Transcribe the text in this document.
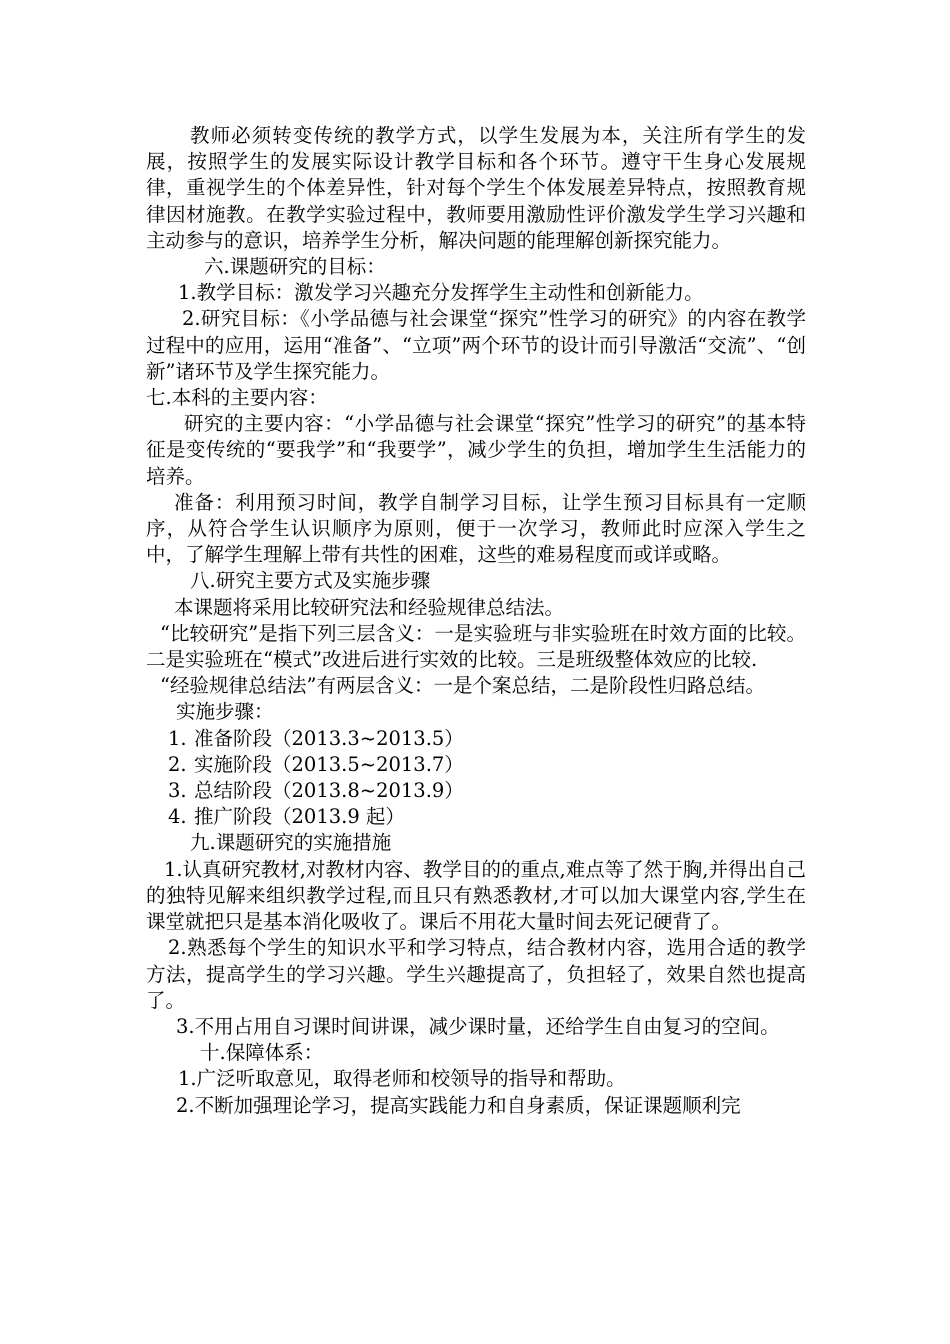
教师必须转变传统的教学方式，以学生发展为本，关注所有学生的发展，按照学生的发展实际设计教学目标和各个环节。遵守干生身心发展规律，重视学生的个体差异性，针对每个学生个体发展差异特点，按照教育规律因材施教。在教学实验过程中，教师要用激励性评价激发学生学习兴趣和主动参与的意识，培养学生分析，解决问题的能理解创新探究能力。

六.课题研究的目标：

1.教学目标：激发学习兴趣充分发挥学生主动性和创新能力。

2.研究目标：《小学品德与社会课堂“探究”性学习的研究》的内容在教学过程中的应用，运用“准备”、“立项”两个环节的设计而引导激活“交流”、“创新”诸环节及学生探究能力。

七.本科的主要内容：

研究的主要内容：“小学品德与社会课堂“探究”性学习的研究”的基本特征是变传统的“要我学”和“我要学”，减少学生的负担，增加学生生活能力的培养。

准备：利用预习时间，教学自制学习目标，让学生预习目标具有一定顺序，从符合学生认识顺序为原则，便于一次学习，教师此时应深入学生之中，了解学生理解上带有共性的困难，这些的难易程度而或详或略。

八.研究主要方式及实施步骤

本课题将采用比较研究法和经验规律总结法。

“比较研究”是指下列三层含义：一是实验班与非实验班在时效方面的比较。二是实验班在“模式”改进后进行实效的比较。三是班级整体效应的比较.

“经验规律总结法”有两层含义：一是个案总结，二是阶段性归路总结。

实施步骤：

1. 准备阶段（2013.3~2013.5）

2. 实施阶段（2013.5~2013.7）

3. 总结阶段（2013.8~2013.9）

4. 推广阶段（2013.9 起）

九.课题研究的实施措施

1.认真研究教材,对教材内容、教学目的的重点,难点等了然于胸,并得出自己的独特见解来组织教学过程,而且只有熟悉教材,才可以加大课堂内容,学生在课堂就把只是基本消化吸收了。课后不用花大量时间去死记硬背了。

2.熟悉每个学生的知识水平和学习特点，结合教材内容，选用合适的教学方法，提高学生的学习兴趣。学生兴趣提高了，负担轻了，效果自然也提高了。

3.不用占用自习课时间讲课，减少课时量，还给学生自由复习的空间。

十.保障体系：

1.广泛听取意见，取得老师和校领导的指导和帮助。

2.不断加强理论学习，提高实践能力和自身素质，保证课题顺利完
